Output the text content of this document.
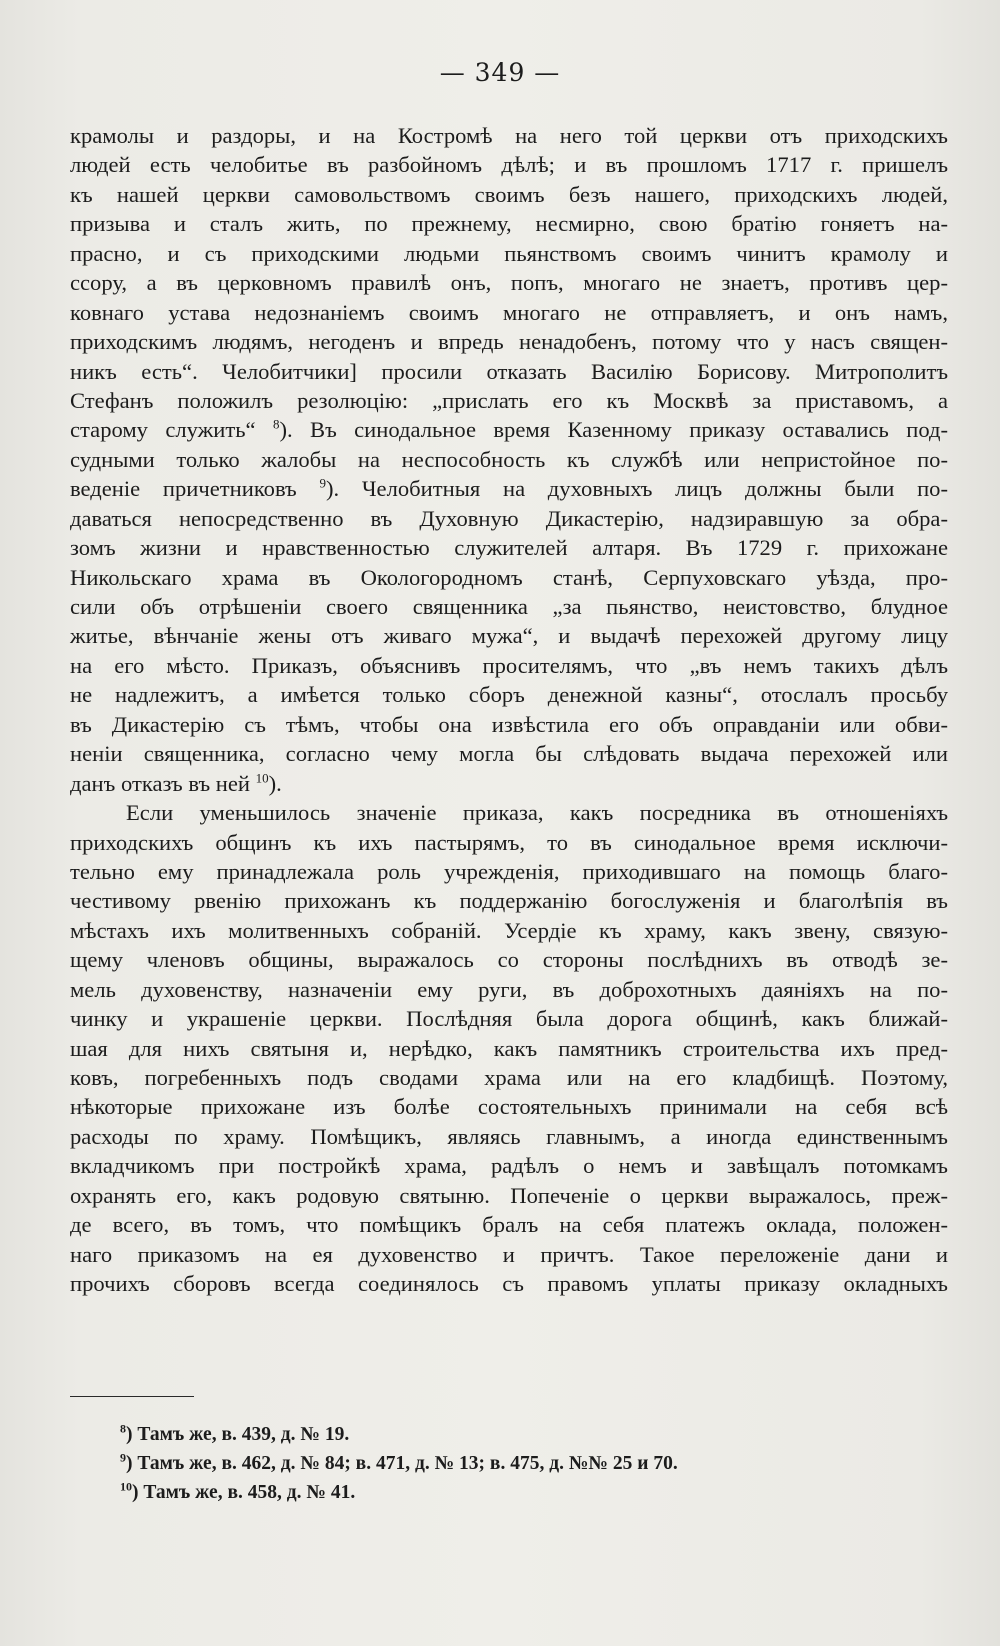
— 349 —
крамолы и раздоры, и на Костромѣ на него той церкви отъ приходскихъ
людей есть челобитье въ разбойномъ дѣлѣ; и въ прошломъ 1717 г. пришелъ
къ нашей церкви самовольствомъ своимъ безъ нашего, приходскихъ людей,
призыва и сталъ жить, по прежнему, несмирно, свою братію гоняетъ на-
прасно, и съ приходскими людьми пьянствомъ своимъ чинитъ крамолу и
ссору, а въ церковномъ правилѣ онъ, попъ, многаго не знаетъ, противъ цер-
ковнаго устава недознаніемъ своимъ многаго не отправляетъ, и онъ намъ,
приходскимъ людямъ, негоденъ и впредь ненадобенъ, потому что у насъ священ-
никъ есть“. Челобитчики] просили отказать Василію Борисову. Митрополитъ
Стефанъ положилъ резолюцію: „прислать его къ Москвѣ за приставомъ, а
старому служить“ $^8$). Въ синодальное время Казенному приказу оставались под-
судными только жалобы на неспособность къ службѣ или непристойное по-
веденіе причетниковъ $^9$). Челобитныя на духовныхъ лицъ должны были по-
даваться непосредственно въ Духовную Дикастерію, надзиравшую за обра-
зомъ жизни и нравственностью служителей алтаря. Въ 1729 г. прихожане
Никольскаго храма въ Окологородномъ станѣ, Серпуховскаго уѣзда, про-
сили объ отрѣшеніи своего священника „за пьянство, неистовство, блудное
житье, вѣнчаніе жены отъ живаго мужа“, и выдачѣ перехожей другому лицу
на его мѣсто. Приказъ, объяснивъ просителямъ, что „въ немъ такихъ дѣлъ
не надлежитъ, а имѣется только сборъ денежной казны“, отослалъ просьбу
въ Дикастерію съ тѣмъ, чтобы она извѣстила его объ оправданіи или обви-
неніи священника, согласно чему могла бы слѣдовать выдача перехожей или
данъ отказъ въ ней $^{10}$).
Если уменьшилось значеніе приказа, какъ посредника въ отношеніяхъ
приходскихъ общинъ къ ихъ пастырямъ, то въ синодальное время исключи-
тельно ему принадлежала роль учрежденія, приходившаго на помощь благо-
честивому рвенію прихожанъ къ поддержанію богослуженія и благолѣпія въ
мѣстахъ ихъ молитвенныхъ собраній. Усердіе къ храму, какъ звену, связую-
щему членовъ общины, выражалось со стороны послѣднихъ въ отводѣ зе-
мель духовенству, назначеніи ему руги, въ доброхотныхъ даяніяхъ на по-
чинку и украшеніе церкви. Послѣдняя была дорога общинѣ, какъ ближай-
шая для нихъ святыня и, нерѣдко, какъ памятникъ строительства ихъ пред-
ковъ, погребенныхъ подъ сводами храма или на его кладбищѣ. Поэтому,
нѣкоторые прихожане изъ болѣе состоятельныхъ принимали на себя всѣ
расходы по храму. Помѣщикъ, являясь главнымъ, а иногда единственнымъ
вкладчикомъ при постройкѣ храма, радѣлъ о немъ и завѣщалъ потомкамъ
охранять его, какъ родовую святыню. Попеченіе о церкви выражалось, преж-
де всего, въ томъ, что помѣщикъ бралъ на себя платежъ оклада, положен-
наго приказомъ на ея духовенство и причтъ. Такое переложеніе дани и
прочихъ сборовъ всегда соединялось съ правомъ уплаты приказу окладныхъ
$^8$) Тамъ же, в. 439, д. № 19.
$^9$) Тамъ же, в. 462, д. № 84; в. 471, д. № 13; в. 475, д. №№ 25 и 70.
$^{10}$) Тамъ же, в. 458, д. № 41.
